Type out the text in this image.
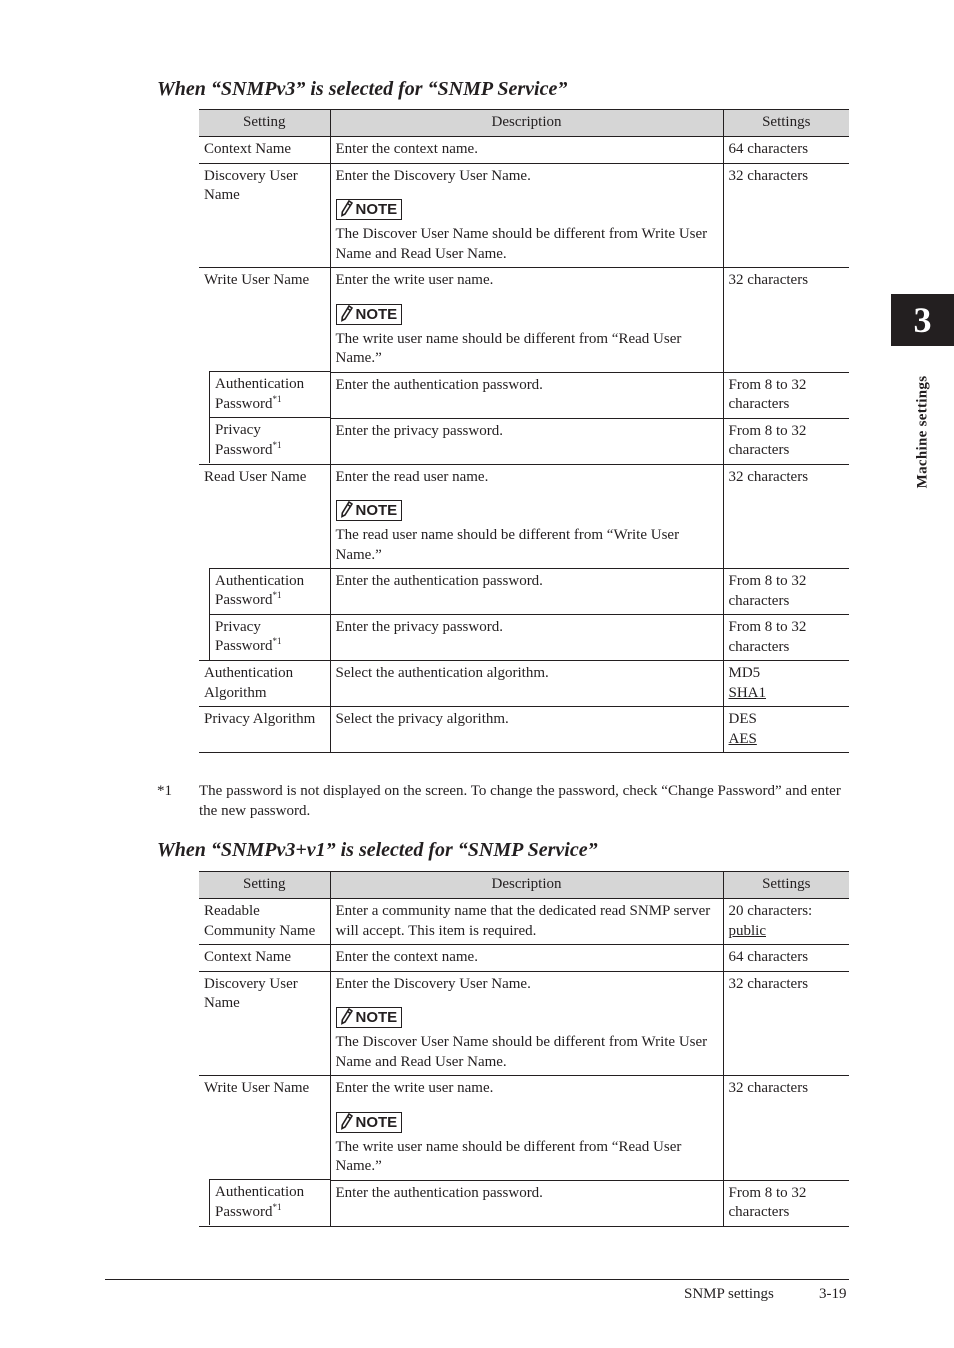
When “SNMPv3” is selected for “SNMP Service”
Setting	Description	Settings
Context Name	Enter the context name.	64 characters
Discovery User Name	Enter the Discovery User Name.
NOTE
The Discover User Name should be different from Write User Name and Read User Name.	32 characters
Write User Name	Enter the write user name.
NOTE
The write user name should be different from “Read User Name.”	32 characters

Authentication Password$^{*1}$	Enter the authentication password.	From 8 to 32 characters

Privacy Password$^{*1}$	Enter the privacy password.	From 8 to 32 characters
Read User Name	Enter the read user name.
NOTE
The read user name should be different from “Write User Name.”	32 characters

Authentication Password$^{*1}$	Enter the authentication password.	From 8 to 32 characters

Privacy Password$^{*1}$	Enter the privacy password.	From 8 to 32 characters
Authentication Algorithm	Select the authentication algorithm.	MD5
SHA1
Privacy Algorithm	Select the privacy algorithm.	DES
AES
*1 The password is not displayed on the screen. To change the password, check “Change Password” and enter the new password.
When “SNMPv3+v1” is selected for “SNMP Service”
Setting	Description	Settings
Readable Community Name	Enter a community name that the dedicated read SNMP server will accept. This item is required.	20 characters:
public
Context Name	Enter the context name.	64 characters
Discovery User Name	Enter the Discovery User Name.
NOTE
The Discover User Name should be different from Write User Name and Read User Name.	32 characters
Write User Name	Enter the write user name.
NOTE
The write user name should be different from “Read User Name.”	32 characters

Authentication Password$^{*1}$	Enter the authentication password.	From 8 to 32 characters
3
Machine settings
SNMP settings	3-19
